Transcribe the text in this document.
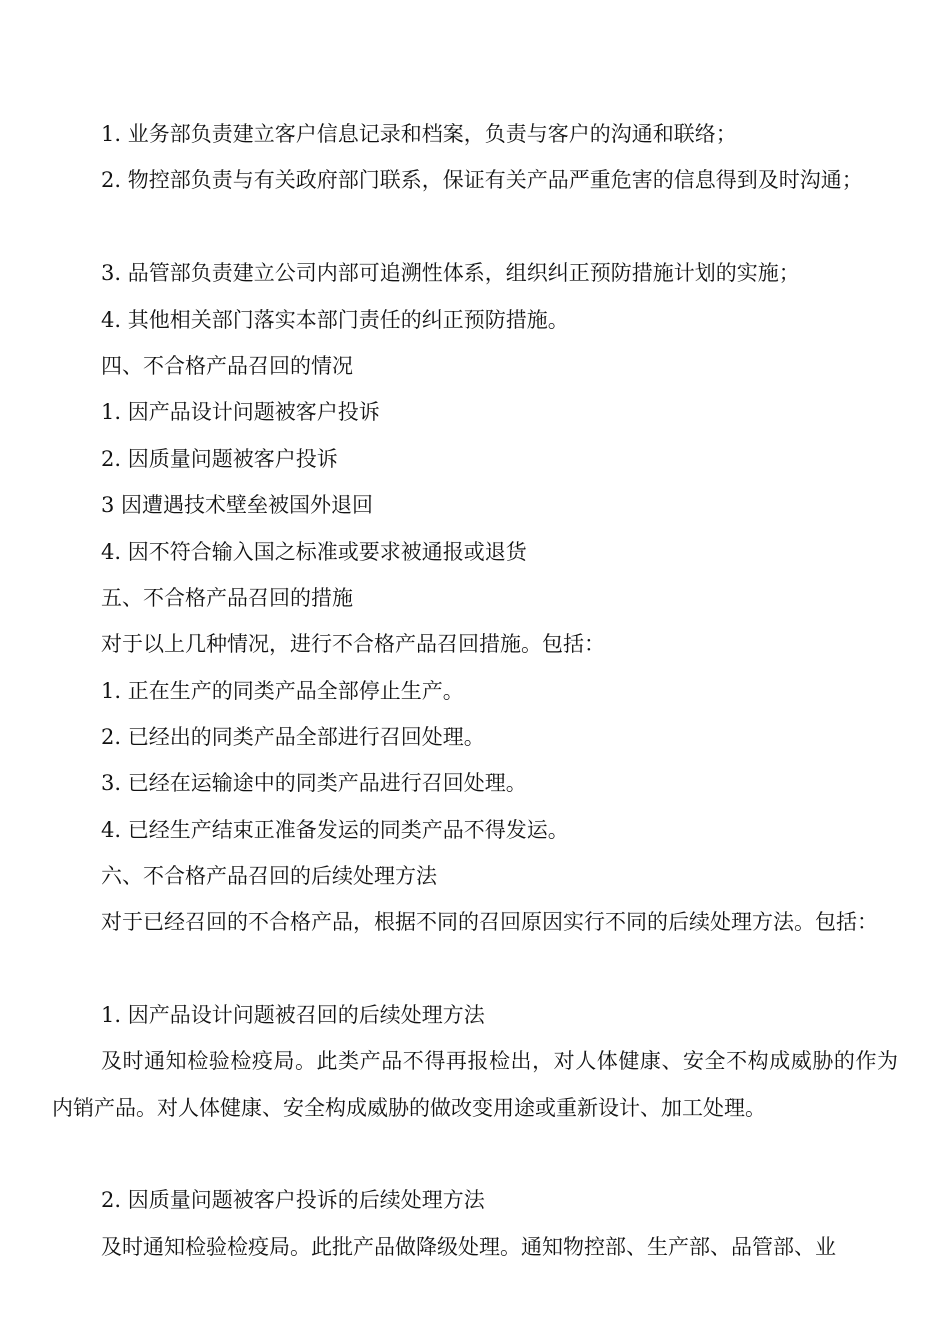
1. 业务部负责建立客户信息记录和档案，负责与客户的沟通和联络；
2. 物控部负责与有关政府部门联系，保证有关产品严重危害的信息得到及时沟通；
3. 品管部负责建立公司内部可追溯性体系，组织纠正预防措施计划的实施；
4. 其他相关部门落实本部门责任的纠正预防措施。
四、不合格产品召回的情况
1. 因产品设计问题被客户投诉
2. 因质量问题被客户投诉
3 因遭遇技术壁垒被国外退回
4. 因不符合输入国之标准或要求被通报或退货
五、不合格产品召回的措施
对于以上几种情况，进行不合格产品召回措施。包括：
1. 正在生产的同类产品全部停止生产。
2. 已经出的同类产品全部进行召回处理。
3. 已经在运输途中的同类产品进行召回处理。
4. 已经生产结束正准备发运的同类产品不得发运。
六、不合格产品召回的后续处理方法
对于已经召回的不合格产品，根据不同的召回原因实行不同的后续处理方法。包括：
1. 因产品设计问题被召回的后续处理方法
及时通知检验检疫局。此类产品不得再报检出，对人体健康、安全不构成威胁的作为内销产品。对人体健康、安全构成威胁的做改变用途或重新设计、加工处理。
2. 因质量问题被客户投诉的后续处理方法
及时通知检验检疫局。此批产品做降级处理。通知物控部、生产部、品管部、业
